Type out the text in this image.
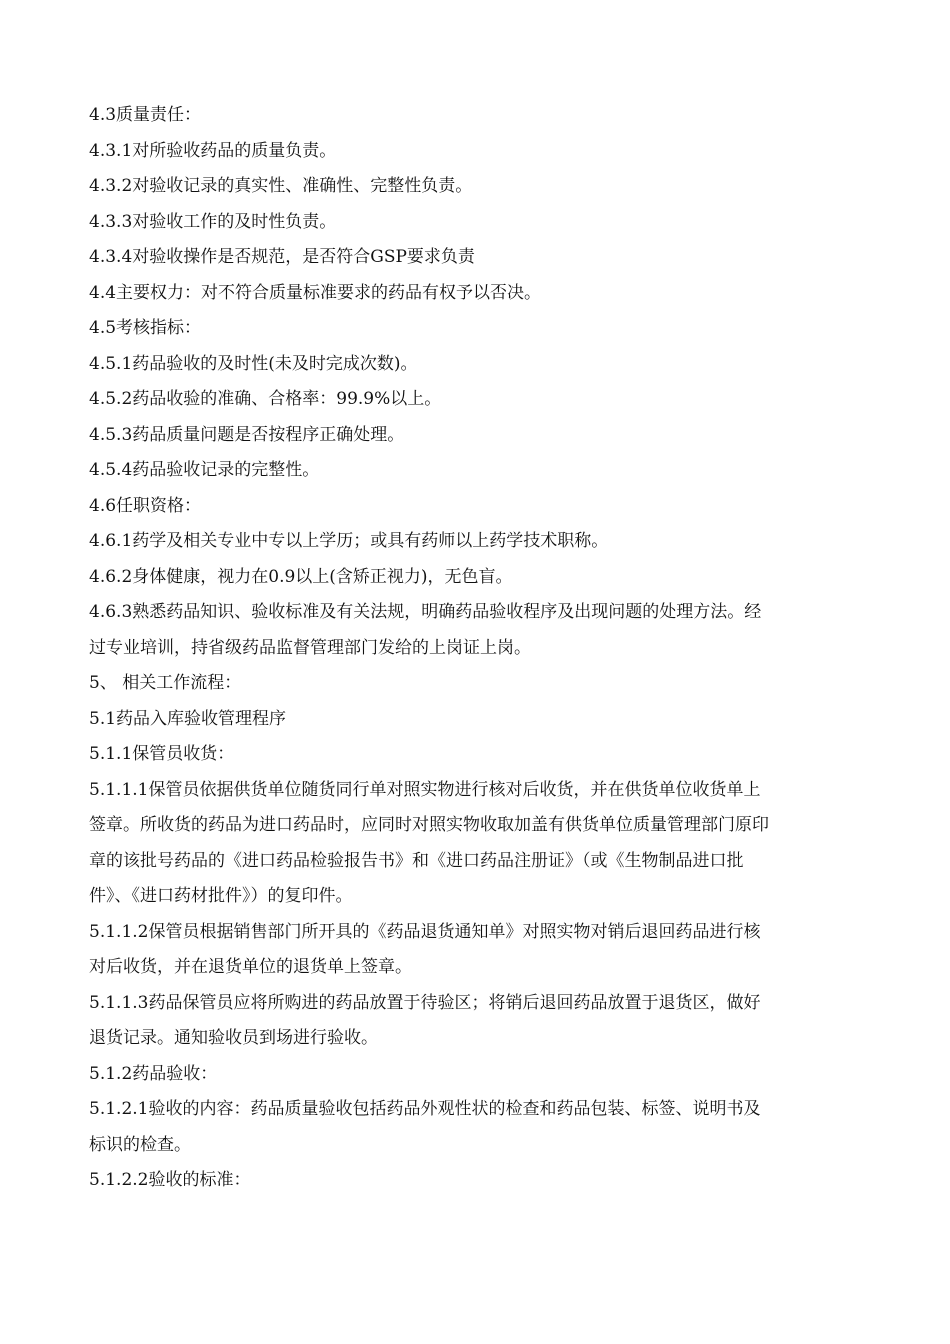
4.3质量责任：

4.3.1对所验收药品的质量负责。

4.3.2对验收记录的真实性、准确性、完整性负责。

4.3.3对验收工作的及时性负责。

4.3.4对验收操作是否规范，是否符合GSP要求负责

4.4主要权力：对不符合质量标准要求的药品有权予以否决。

4.5考核指标：

4.5.1药品验收的及时性(未及时完成次数)。

4.5.2药品收验的准确、合格率：99.9%以上。

4.5.3药品质量问题是否按程序正确处理。

4.5.4药品验收记录的完整性。

4.6任职资格：

4.6.1药学及相关专业中专以上学历；或具有药师以上药学技术职称。

4.6.2身体健康，视力在0.9以上(含矫正视力)，无色盲。

4.6.3熟悉药品知识、验收标准及有关法规，明确药品验收程序及出现问题的处理方法。经

过专业培训，持省级药品监督管理部门发给的上岗证上岗。

5、 相关工作流程：

5.1药品入库验收管理程序

5.1.1保管员收货：

5.1.1.1保管员依据供货单位随货同行单对照实物进行核对后收货，并在供货单位收货单上

签章。所收货的药品为进口药品时，应同时对照实物收取加盖有供货单位质量管理部门原印

章的该批号药品的《进口药品检验报告书》和《进口药品注册证》（或《生物制品进口批

件》、《进口药材批件》）的复印件。

5.1.1.2保管员根据销售部门所开具的《药品退货通知单》对照实物对销后退回药品进行核

对后收货，并在退货单位的退货单上签章。

5.1.1.3药品保管员应将所购进的药品放置于待验区；将销后退回药品放置于退货区，做好

退货记录。通知验收员到场进行验收。

5.1.2药品验收：

5.1.2.1验收的内容：药品质量验收包括药品外观性状的检查和药品包装、标签、说明书及

标识的检查。

5.1.2.2验收的标准：
